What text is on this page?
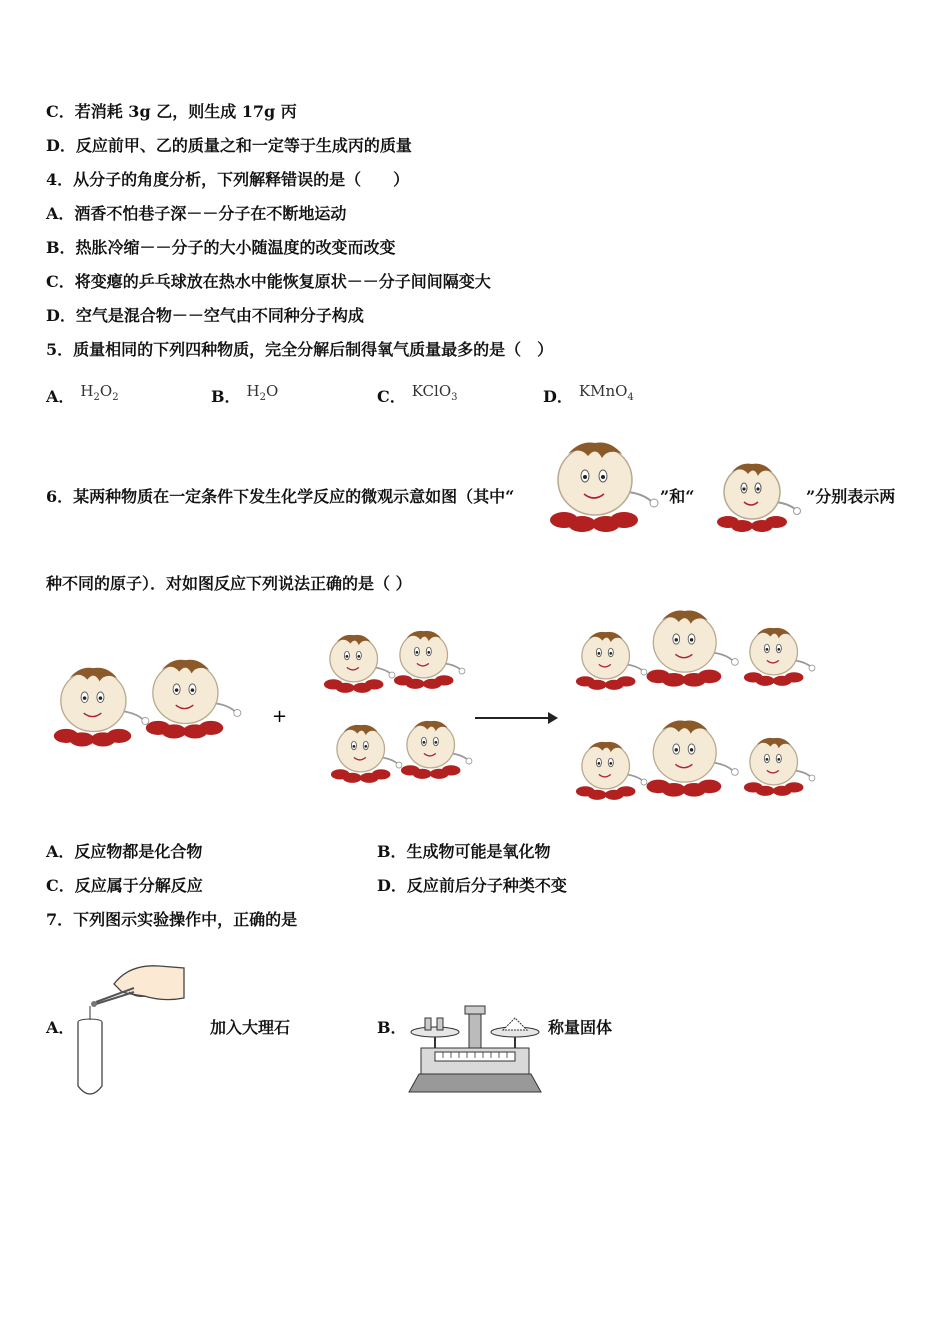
C．若消耗 3g 乙，则生成 17g 丙
D．反应前甲、乙的质量之和一定等于生成丙的质量
4．从分子的角度分析，下列解释错误的是（　　）
A．酒香不怕巷子深－－分子在不断地运动
B．热胀冷缩－－分子的大小随温度的改变而改变
C．将变瘪的乒乓球放在热水中能恢复原状－－分子间间隔变大
D．空气是混合物－－空气由不同种分子构成
5．质量相同的下列四种物质，完全分解后制得氧气质量最多的是（　）
A． $H_2O_2$	B． $H_2O$	C． KClO$_3$	D． KMnO$_4$
6．某两种物质在一定条件下发生化学反应的微观示意如图（其中“	”和“	”分别表示两
种不同的原子）．对如图反应下列说法正确的是（ ）
+
A．反应物都是化合物	B．生成物可能是氧化物
C．反应属于分解反应	D．反应前后分子种类不变
7．下列图示实验操作中，正确的是
A．	加入大理石	B．	称量固体
